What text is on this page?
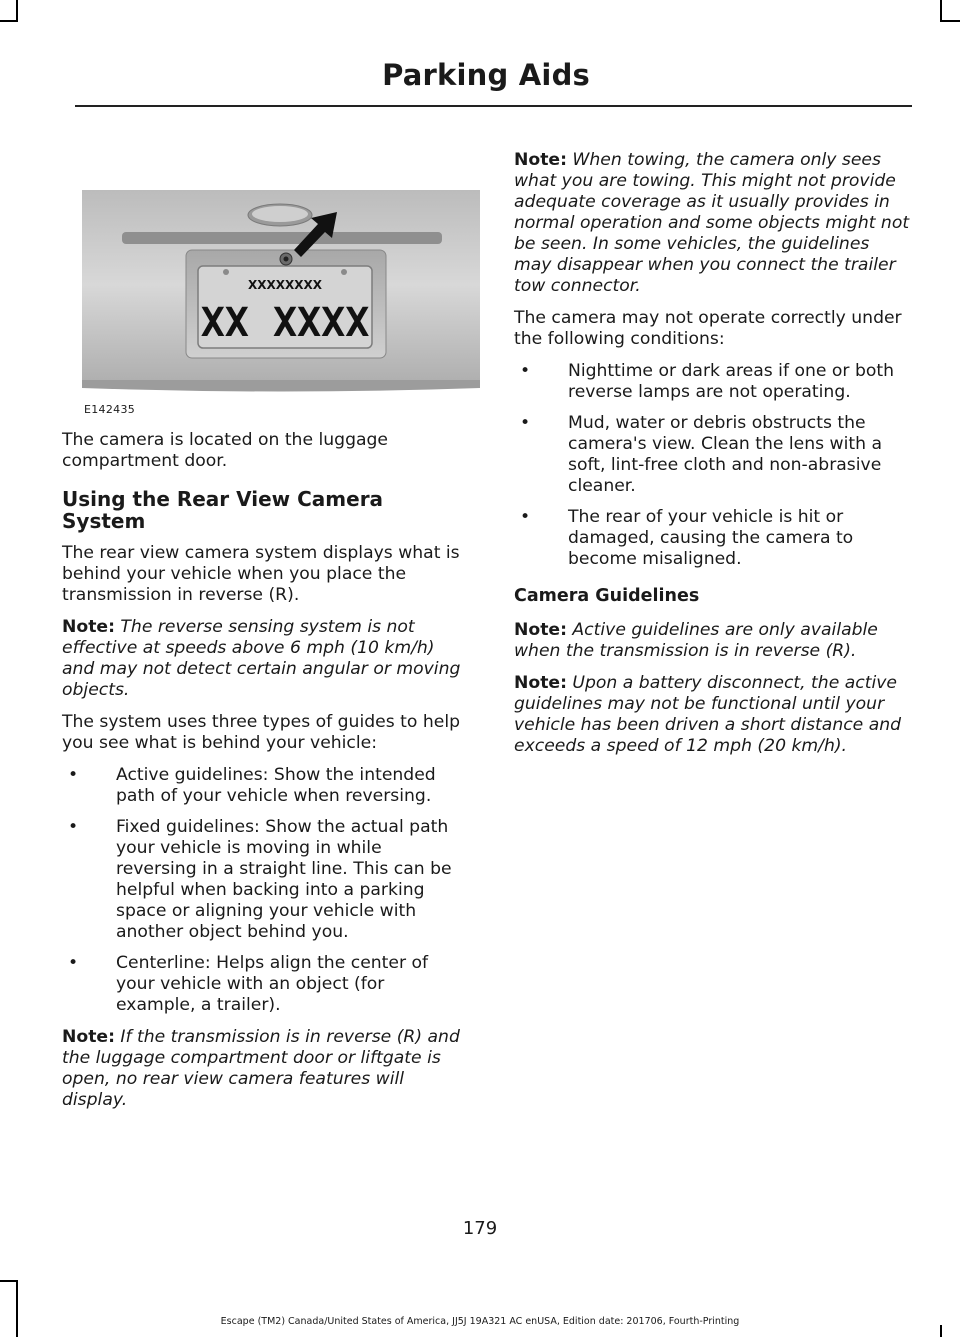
Parking Aids
XXXXXXXX
XX XXXX
E142435

The camera is located on the luggage compartment door.

Using the Rear View Camera System

The rear view camera system displays what is behind your vehicle when you place the transmission in reverse (R).

Note: The reverse sensing system is not effective at speeds above 6 mph (10 km/h) and may not detect certain angular or moving objects.

The system uses three types of guides to help you see what is behind your vehicle:

• Active guidelines: Show the intended path of your vehicle when reversing.
• Fixed guidelines: Show the actual path your vehicle is moving in while reversing in a straight line. This can be helpful when backing into a parking space or aligning your vehicle with another object behind you.
• Centerline: Helps align the center of your vehicle with an object (for example, a trailer).

Note: If the transmission is in reverse (R) and the luggage compartment door or liftgate is open, no rear view camera features will display.

Note: When towing, the camera only sees what you are towing. This might not provide adequate coverage as it usually provides in normal operation and some objects might not be seen. In some vehicles, the guidelines may disappear when you connect the trailer tow connector.

The camera may not operate correctly under the following conditions:

• Nighttime or dark areas if one or both reverse lamps are not operating.
• Mud, water or debris obstructs the camera's view. Clean the lens with a soft, lint-free cloth and non-abrasive cleaner.
• The rear of your vehicle is hit or damaged, causing the camera to become misaligned.
Camera Guidelines

Note: Active guidelines are only available when the transmission is in reverse (R).

Note: Upon a battery disconnect, the active guidelines may not be functional until your vehicle has been driven a short distance and exceeds a speed of 12 mph (20 km/h).

179
Escape (TM2) Canada/United States of America, JJ5J 19A321 AC enUSA, Edition date: 201706, Fourth-Printing
